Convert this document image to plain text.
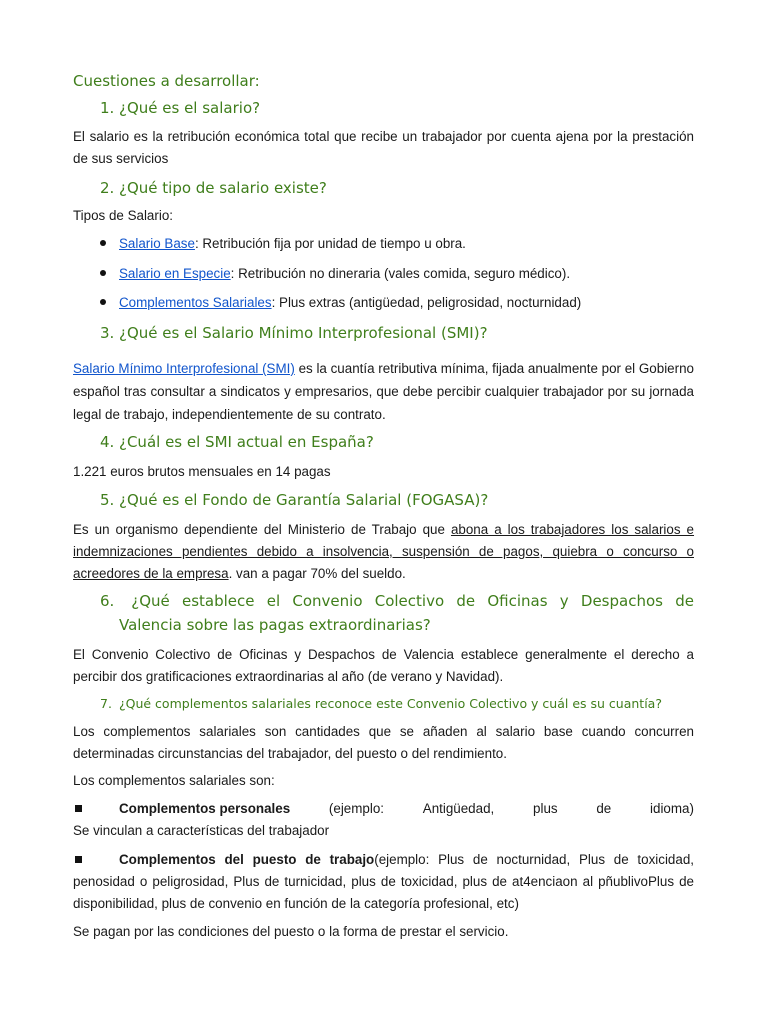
Cuestiones a desarrollar:
1. ¿Qué es el salario?

El salario es la retribución económica total que recibe un trabajador por cuenta ajena por la prestación de sus servicios

2. ¿Qué tipo de salario existe?

Tipos de Salario:

Salario Base: Retribución fija por unidad de tiempo u obra.
Salario en Especie: Retribución no dineraria (vales comida, seguro médico).
Complementos Salariales: Plus extras (antigüedad, peligrosidad, nocturnidad)
3. ¿Qué es el Salario Mínimo Interprofesional (SMI)?

Salario Mínimo Interprofesional (SMI) es la cuantía retributiva mínima, fijada anualmente por el Gobierno español tras consultar a sindicatos y empresarios, que debe percibir cualquier trabajador por su jornada legal de trabajo, independientemente de su contrato.

4. ¿Cuál es el SMI actual en España?

1.221 euros brutos mensuales en 14 pagas

5. ¿Qué es el Fondo de Garantía Salarial (FOGASA)?

Es un organismo dependiente del Ministerio de Trabajo que abona a los trabajadores los salarios e indemnizaciones pendientes debido a insolvencia, suspensión de pagos, quiebra o concurso o acreedores de la empresa. van a pagar 70% del sueldo.

6. ¿Qué establece el Convenio Colectivo de Oficinas y Despachos de
Valencia sobre las pagas extraordinarias?

El Convenio Colectivo de Oficinas y Despachos de Valencia establece generalmente el derecho a percibir dos gratificaciones extraordinarias al año (de verano y Navidad).

7. ¿Qué complementos salariales reconoce este Convenio Colectivo y cuál es su cuantía?

Los complementos salariales son cantidades que se añaden al salario base cuando concurren determinadas circunstancias del trabajador, del puesto o del rendimiento.

Los complementos salariales son:

Complementos personales	(ejemplo:	Antigüedad,	plus	de	idioma)

Se vinculan a características del trabajador

Complementos del puesto de trabajo(ejemplo: Plus de nocturnidad, Plus de toxicidad, penosidad o peligrosidad, Plus de turnicidad, plus de toxicidad, plus de at4enciaon al pñublivoPlus de disponibilidad, plus de convenio en función de la categoría profesional, etc)

Se pagan por las condiciones del puesto o la forma de prestar el servicio.
